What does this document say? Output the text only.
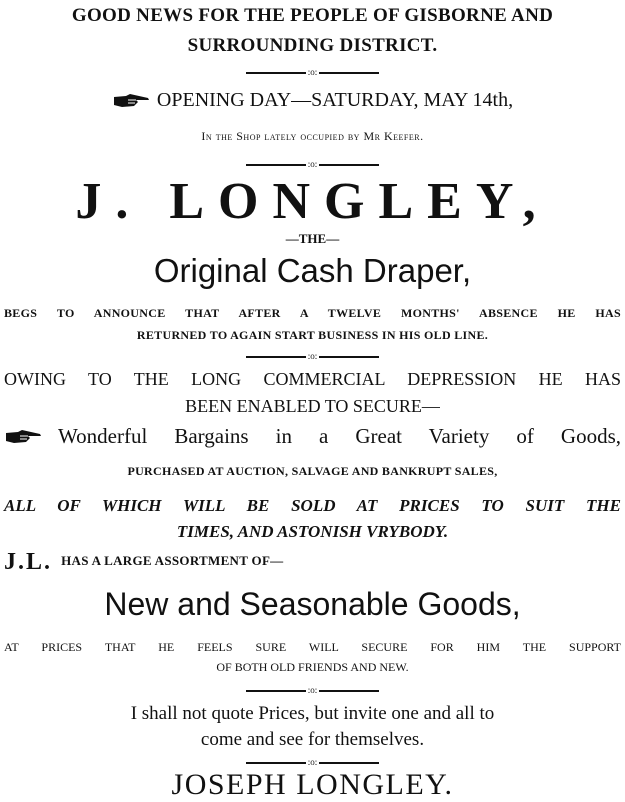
GOOD NEWS FOR THE PEOPLE OF GISBORNE AND
SURROUNDING DISTRICT.
:o:
OPENING DAY—SATURDAY, MAY 14th,
In the Shop lately occupied by Mr Keefer.
:o:
J. LONGLEY,
—THE—
Original Cash Draper,
BEGS TO ANNOUNCE THAT AFTER A TWELVE MONTHS' ABSENCE HE HAS
RETURNED TO AGAIN START BUSINESS IN HIS OLD LINE.
:o:
OWING TO THE LONG COMMERCIAL DEPRESSION HE HAS
BEEN ENABLED TO SECURE—
Wonderful Bargains in a Great Variety of Goods,
PURCHASED AT AUCTION, SALVAGE AND BANKRUPT SALES,
ALL OF WHICH WILL BE SOLD AT PRICES TO SUIT THE
TIMES, AND ASTONISH VRYBODY.
J.L. $^{HAS A LARGE ASSORTMENT OF—}$
New and Seasonable Goods,
AT PRICES THAT HE FEELS SURE WILL SECURE FOR HIM THE SUPPORT
OF BOTH OLD FRIENDS AND NEW.
:o:
I shall not quote Prices, but invite one and all to
come and see for themselves.
:o:
JOSEPH LONGLEY.
